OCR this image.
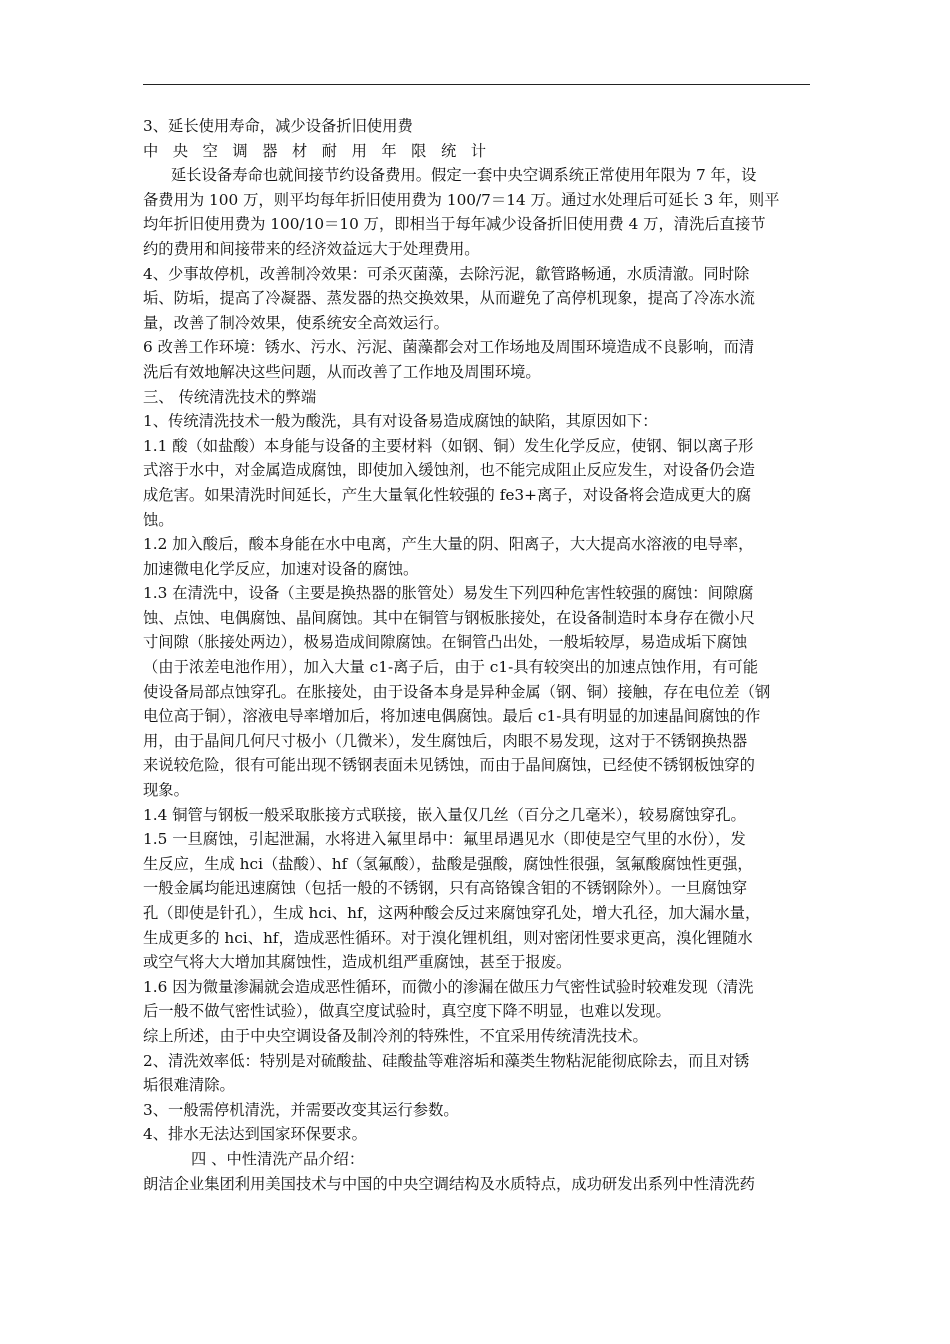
3、延长使用寿命，减少设备折旧使用费
中央空调器材耐用年限统计
延长设备寿命也就间接节约设备费用。假定一套中央空调系统正常使用年限为 7 年，设
备费用为 100 万，则平均每年折旧使用费为 100/7＝14 万。通过水处理后可延长 3 年，则平
均年折旧使用费为 100/10＝10 万，即相当于每年减少设备折旧使用费 4 万，清洗后直接节
约的费用和间接带来的经济效益远大于处理费用。
4、少事故停机，改善制冷效果：可杀灭菌藻，去除污泥，歙管路畅通，水质清澈。同时除
垢、防垢，提高了冷凝器、蒸发器的热交换效果，从而避免了高停机现象，提高了冷冻水流
量，改善了制冷效果，使系统安全高效运行。
6 改善工作环境：锈水、污水、污泥、菌藻都会对工作场地及周围环境造成不良影响，而清
洗后有效地解决这些问题，从而改善了工作地及周围环境。
三、 传统清洗技术的弊端
1、传统清洗技术一般为酸洗，具有对设备易造成腐蚀的缺陷，其原因如下：
1.1 酸（如盐酸）本身能与设备的主要材料（如钢、铜）发生化学反应，使钢、铜以离子形
式溶于水中，对金属造成腐蚀，即使加入缓蚀剂，也不能完成阻止反应发生，对设备仍会造
成危害。如果清洗时间延长，产生大量氧化性较强的 fe3+离子，对设备将会造成更大的腐
蚀。
1.2 加入酸后，酸本身能在水中电离，产生大量的阴、阳离子，大大提高水溶液的电导率，
加速微电化学反应，加速对设备的腐蚀。
1.3 在清洗中，设备（主要是换热器的胀管处）易发生下列四种危害性较强的腐蚀：间隙腐
蚀、点蚀、电偶腐蚀、晶间腐蚀。其中在铜管与钢板胀接处，在设备制造时本身存在微小尺
寸间隙（胀接处两边），极易造成间隙腐蚀。在铜管凸出处，一般垢较厚，易造成垢下腐蚀
（由于浓差电池作用），加入大量 c1-离子后，由于 c1-具有较突出的加速点蚀作用，有可能
使设备局部点蚀穿孔。在胀接处，由于设备本身是异种金属（钢、铜）接触，存在电位差（钢
电位高于铜），溶液电导率增加后，将加速电偶腐蚀。最后 c1-具有明显的加速晶间腐蚀的作
用，由于晶间几何尺寸极小（几微米），发生腐蚀后，肉眼不易发现，这对于不锈钢换热器
来说较危险，很有可能出现不锈钢表面未见锈蚀，而由于晶间腐蚀，已经使不锈钢板蚀穿的
现象。
1.4 铜管与钢板一般采取胀接方式联接，嵌入量仅几丝（百分之几毫米），较易腐蚀穿孔。
1.5 一旦腐蚀，引起泄漏，水将进入氟里昂中：氟里昂遇见水（即使是空气里的水份），发
生反应，生成 hci（盐酸）、hf（氢氟酸），盐酸是强酸，腐蚀性很强，氢氟酸腐蚀性更强，
一般金属均能迅速腐蚀（包括一般的不锈钢，只有高铬镍含钼的不锈钢除外）。一旦腐蚀穿
孔（即使是针孔），生成 hci、hf，这两种酸会反过来腐蚀穿孔处，增大孔径，加大漏水量，
生成更多的 hci、hf，造成恶性循环。对于溴化锂机组，则对密闭性要求更高，溴化锂随水
或空气将大大增加其腐蚀性，造成机组严重腐蚀，甚至于报废。
1.6 因为微量渗漏就会造成恶性循环，而微小的渗漏在做压力气密性试验时较难发现（清洗
后一般不做气密性试验），做真空度试验时，真空度下降不明显，也难以发现。
综上所述，由于中央空调设备及制冷剂的特殊性，不宜采用传统清洗技术。
2、清洗效率低：特别是对硫酸盐、硅酸盐等难溶垢和藻类生物粘泥能彻底除去，而且对锈
垢很难清除。
3、一般需停机清洗，并需要改变其运行参数。
4、排水无法达到国家环保要求。
四 、中性清洗产品介绍：
朗洁企业集团利用美国技术与中国的中央空调结构及水质特点，成功研发出系列中性清洗药
